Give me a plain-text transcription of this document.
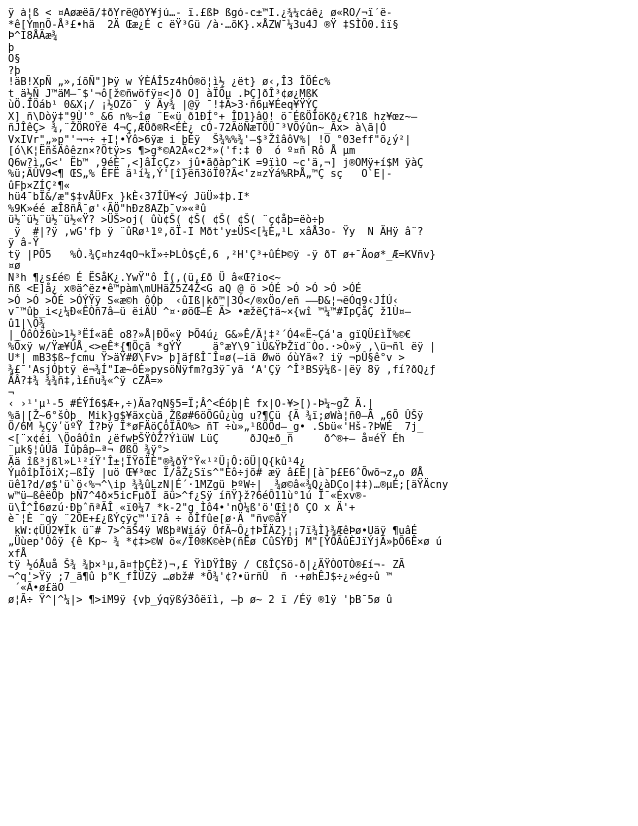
ÿ à¦ß < ¤Äøæëã/‡ðŸrë@ðŸ¥jú…- ï.£ßÞ ßgó-c±™Ì.¿¾¼cáê¿ ø«RÓ/¬ï´ë-
*ê[ÝmnÕ-Å³£•hä  2Ä Œæ¿É c ëŸ³Gü /à·…õK}.×ÅZW¯¼3u4J ®Ÿ ‡SÌÕ0.îï§
Þ^I8ÅÃæ¾
þ
O§
?þ
!äB!XpÑ „»,íõÑ"]Þÿ w ÝÈÁÎ5z4hÓ®ö¦ì½ ¿ët} ø‹,Î3 ÎÖÉc%
t ä½Ñ J™äM—¯$'¬ô[ž©ñwöfÿ¤<]ð O] àÏÕµ .ÞÇ]ðÎ³¢ø¿MßK
ùÖ.ÎÖáb¹ 0&X¡/ ¡½OZö¯ ÿ Äy¾ |@ÿ ¯!‡Ã>3·ñ6µ¥Éeq¥ŸÝÇ
X] ñ\Dòÿ‡"9Ù'° &6 n%~îø ¨E«ü ð1ÐÍ°+ ÎD1}âO! ö¯ÉßÖÎöKð¿€?1ß hz¥œz~–
ñJÎêÇ> ¾,¨ŽÖROŸë 4¬Ç,ÆÖð®R<ÉÈ¿ cÓ-72ÃöÑæTÖÛ¯³VÕýûn~_Ãx> à\ã|Ó
VxIVr"„»p"'¬¬÷ +I¦•Ÿô>6ÿæ i þÉÿ  Š¾%%¾'—$³ŽîâôV%| !O °03eff"õ¿ý²|
[ó\K¦ËñšÄôêzn×?Ötÿ>s ¶>g*©A2Ã«c2*»('f:‡ 0  ó º¤ñ Rô Å µm
Q6w?ì„G<' Ëb™ ,9éÈ¯,<]âÍcÇz›_jû•ãðàp^iK =9ïìO ~c'ä,¬] j®OMÿ+í$M ÿàÇ
%ü;ÃÛV9<¶ ŒS„% ÊFË ä¹í¼,Ý'[î}ëñ3öÏ0?Ã<'z¤zÝá%RÞÅ„™Ç sç   O`E|-
ûFþ×ZÍÇ²¶«
hü4¯bÏ&/æ"$‡vÅÜFx }kÈ‹37ÎÜ¥<ý JüÜ»‡þ.I*
%9K»éé æÎ8ñÂ¯ø'‹ÃÖ"hÐz8AZþ¯v»«ªû
ü½¨ü½¨ü½¨ü½«Ÿ? >ÜŠ>oj( ûù¢Š( ¢Š( ¢Š( ¢Š( ¨ç¢åþ=ëò÷þ
ÿ  #|?ÿ ,wG'fþ ÿ ¨ûRø¹1º,õÏ-I Mðt'y±ÜS<[¼È„¹L xâÅ3o- Ÿy  N ÄHÿ â¨?
ÿ â-Ÿ
tÿ |PÕ5   %Ò.¾Ç¤hz4qO¬kÏ»÷ÞLÒ$çÉ,6 ,²H'Ç³+ûÉÞ©ÿ -ÿ ðT ø+¯Äoø*_Æ=KVñv}
¤ø
N³h ¶¿s£é© É ËSåK¿.YwŸ"ô Î(,(ü,£ð Ü â«Œ?io<~
ñß <E]å¿ x®ä^ëz•ê™pàm\mUHäŽ5Z4Ž<G aQ @ ö >ÓÉ >Ó >Ó >Ó >ÓÉ
>Ó >Ó >ÓÉ >ÓÝŸÿ S«æ©h ôÓþ  ‹ûIß|kð™|3Ó</®xÖo/eñ –—Ð&¦¬ëÓq9‹JÍÚ‹
v¯™ûþ_i<¿¼Ð«ÊÒñ7â—ü ëiÄÙ ^¤·øöŒ—É Ä> •æžëÇ†ä~×{wî ™¼™#IpÇåÇ ž1Ù¤–
û1|\Õ¾
|_ÓôÒž6ù>1½³ËÍ«äÊ o8?»Å|ÐÖ«ÿ ÞÕ4ú¿ G&»Ê/Ä¦‡²´Ó4«Ë~Çá'a gïQÜ£ìÏ%©€
%Õxÿ w/Ÿæ¥ÛÅ¸<>eÊ*{¶Öçã *gÝŸ     ä°æY\9¯ìÜ&ŸÞŽïd¨Òo.·>Ò»ÿ ,\ü¬ñl ëÿ |
U*| mB3$ß~ƒcmu Ÿ>äŸ#Ø\Fv> þ]äƒßÎ¯Î¤ø(—iä Øwö óùYã«? iÿ ¬pÛ§ê°v >
¾£¯'AsjÓþtÿ ë¬¾Í"Iæ~ôÉ»pysöÑÿfm?g3ÿ¯yã ‘A'Çÿ ^Î³BSÿ¼ß-|ëÿ 8ÿ ,fí?ðQ¿ƒ
ÂÂ?‡¾ ¾¾ñ‡,ì£ñu¾«^ÿ cZÅ=»
¬
‹ ›¹'µ¹-5 #ÉŸÍ6$Æ+,÷)Äa?qN§5=Ï;Â^<Éóþ|È fx|O-¥>[)-Þ¼~gŽ Ä.|
%ã|[Ž~6°šÒþ_ Mik}g$¥äxcùã¸Žßø#6öÕGû¿ùg u?¶Çü {Ã ¾ï;øWà¦ñ0—Ä „6Õ ÛŠÿ
Ö/6M ½ÇÿʹŭºŸ Î?Þÿ Ï*øFÄöÇôÏÃO%> ñT ÷ù»„¹ßÖÖd—_g• .Sbü«'Hš-?ÞWÉ  7j_
<[¨x¢éi \ÖoâÓîn ¿ëfwÞŠŸÒŽ?ÝìüW LüÇ     ðJQ±ð_ñ     ð^®+– å¤éŸ Éh
¨µk§¦ûÚã Ïûþâp–ª¬ ØßÖ ¾ÿ°>
Ää îß³jßl»L¹²íŸ'Î±¦ÏŸõÏÈ"®¾ðŸ°Ÿ«¹²Ü¡Ô:öÜ|Q{kû¹4¿
ÝµôîþÏöiX;—ßÎÿ |uö Œ¥³œc Ï/åŽ¿Sïs^"Èô÷jõ# æÿ â£Ë|[à¯þ£E6ˆÕwõ¬z„o ØÅ
üê1?d/ø$'ü`ö‹%¬^\ip ¾¾ûLzN|É´·1MZgü ÞºW÷|  ¾ø©â«¾Q¿àDCo|‡‡)…®µÉ;[äŸÄcny
w™ü—ßêëÖþ þÑ7^4ð×5icFµðÏ ãü>^f¿Sÿ íñŸ}ž?6éÔ11ù°1ú Î¯«Éxv®-
ü\Î^Î6øzú·ÐþˆñªÃÎ «ï0¼7 *k-2"g Ìô4•'nÒ¼ß'ö'Œî¦ð ÇO x Ä'+
è¯¦È ¨qÿ ¨2ÔE+£¿ßÝçÿç™'ï?â ÷ ôÎfûe[ø·Ä "ñv©åŸ
kW:¢ÜÛ2¥Ïk ü¨# 7>^ãŠ4ÿ WßþªWiáÿ ÔfÄ~Ô¿†ÞÏÄZ}¦¡7ï¾Ì}¾ÆêÞø•Uäÿ ¶uâÉ
„Üùep'Òôÿ {ê Kp~ ¾ *¢‡>©W ö«/Ï0®K©èÞ(ñÊø CûSYÐj M"[ÝÔÃûÈJïÝjÃ»þÕ6Ê×ø ú
xfÅ
tÿ ½óÅuå Š¾ ¾þ×¹µ,ã¤†þÇÈž)¬,£ ŸìDŸÎBÿ / CßÎÇSö-ð|¿ÄŸÒOTÒ®£í¬- ZÃ
¬^q'>Ÿÿ ;7_ã¶û þ°K_fÎÜZÿ …øbž# *Õ¾'¢?•ürñÛ  ñ ·+øhÊJ$÷¿»ég÷û ™
´«Ã•ø£äO
ø¦Ã÷ Ÿ^|^¼|> ¶>iM9ÿ {vþ_ýqÿßý3ôëïì, –þ ø~ 2 ï /Éÿ ®1ÿ 'þB¯5ø û
